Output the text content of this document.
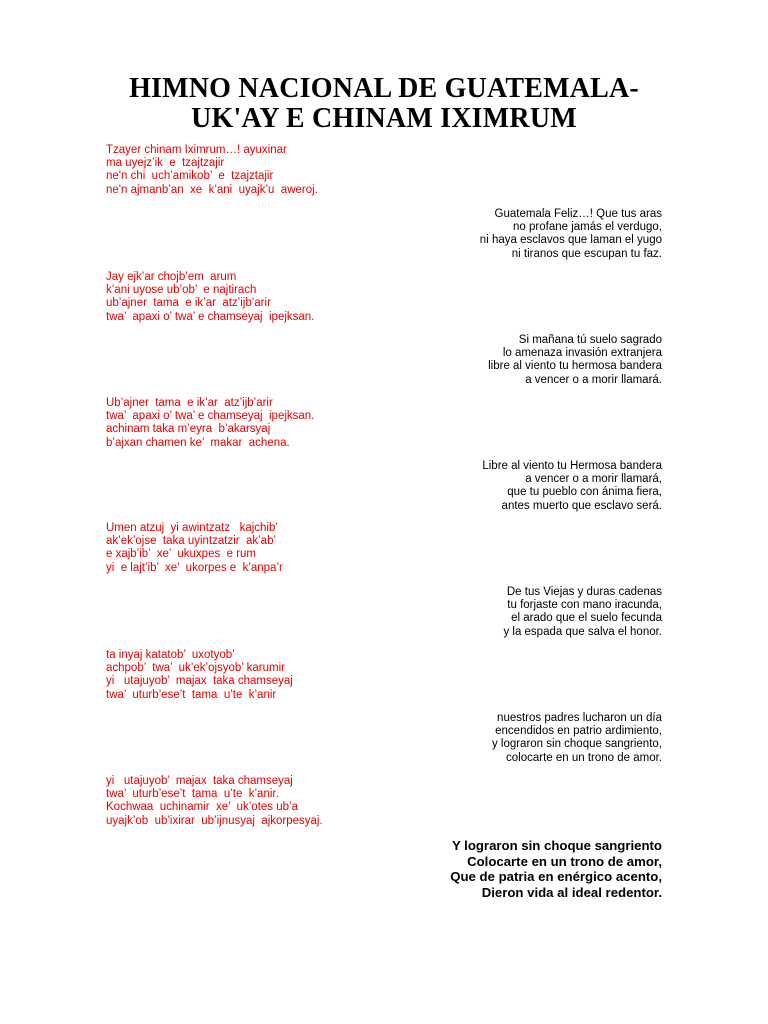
HIMNO NACIONAL DE GUATEMALA-
UK'AY E CHINAM IXIMRUM
Tzayer chinam Iximrum…! ayuxinar
ma uyejz’ik  e  tzajtzajir
ne'n chi  uch’amikob’  e  tzajztajir
ne'n ajmanb’an  xe  k’ani  uyajk’u  aweroj.
Jay ejk’ar chojb’em  arum
k’ani uyose ub’ob’  e najtirach
ub’ajner  tama  e ik’ar  atz’ijb’arir
twa’  apaxi o’ twa’ e chamseyaj  ipejksan.
Ub’ajner  tama  e ik’ar  atz’ijb’arir
twa’  apaxi o’ twa’ e chamseyaj  ipejksan.
achinam taka m’eyra  b’akarsyaj
b’ajxan chamen ke’  makar  achena.
Umen atzuj  yi awintzatz   kajchib’
ak’ek’ojse  taka uyintzatzir  ak’ab’
e xajb’ib’  xe’  ukuxpes  e rum
yi  e lajt’ib’  xe’  ukorpes e  k’anpa’r
ta inyaj katatob’  uxotyob’
achpob’  twa’  uk’ek’ojsyob’ karumir
yi   utajuyob’  majax  taka chamseyaj
twa’  uturb’ese’t  tama  u’te  k’anir
yi   utajuyob’  majax  taka chamseyaj
twa’  uturb’ese’t  tama  u’te  k’anir.
Kochwaa  uchinamir  xe’  uk’otes ub’a
uyajk’ob  ub’ixirar  ub’ijnusyaj  ajkorpesyaj.
Guatemala Feliz…! Que tus aras
no profane jamás el verdugo,
ni haya esclavos que laman el yugo
ni tiranos que escupan tu faz.
Si mañana tú suelo sagrado
lo amenaza invasión extranjera
libre al viento tu hermosa bandera
a vencer o a morir llamará.
Libre al viento tu Hermosa bandera
a vencer o a morir llamará,
que tu pueblo con ánima fiera,
antes muerto que esclavo será.
De tus Viejas y duras cadenas
tu forjaste con mano iracunda,
el arado que el suelo fecunda
y la espada que salva el honor.
nuestros padres lucharon un día
encendidos en patrio ardimiento,
y lograron sin choque sangriento,
colocarte en un trono de amor.
Y lograron sin choque sangriento
Colocarte en un trono de amor,
Que de patria en enérgico acento,
Dieron vida al ideal redentor.
